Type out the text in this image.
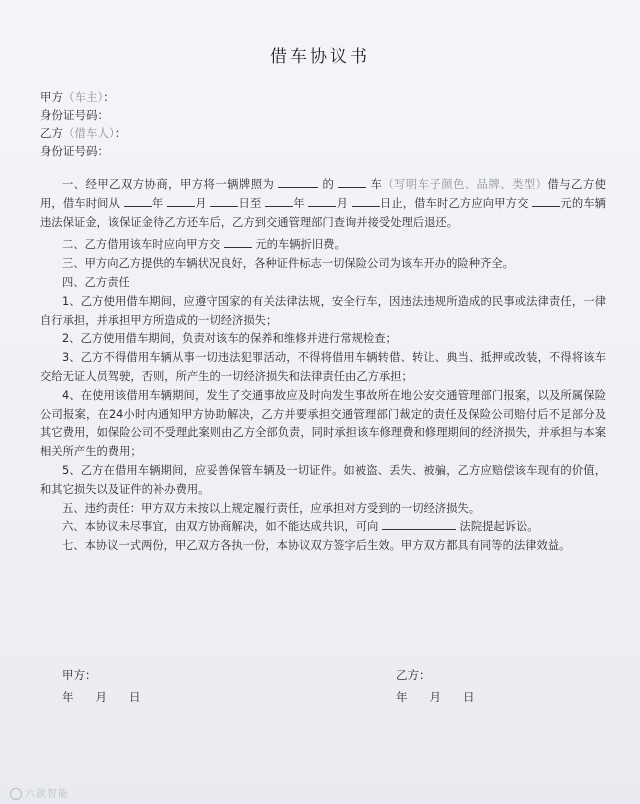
借车协议书
甲方（车主）：
身份证号码：
乙方（借车人）：
身份证号码：
一、经甲乙双方协商，甲方将一辆牌照为	的	车（写明车子颜色、品牌、类型）借与乙方使用，借车时间从	年	月	日至	年	月	日止，借车时乙方应向甲方交	元的车辆违法保证金，该保证金待乙方还车后，乙方到交通管理部门查询并接受处理后退还。
二、乙方借用该车时应向甲方交	元的车辆折旧费。
三、甲方向乙方提供的车辆状况良好，各种证件标志一切保险公司为该车开办的险种齐全。
四、乙方责任
1、乙方使用借车期间，应遵守国家的有关法律法规，安全行车，因违法违规所造成的民事或法律责任，一律自行承担，并承担甲方所造成的一切经济损失；
2、乙方使用借车期间，负责对该车的保养和维修并进行常规检查；
3、乙方不得借用车辆从事一切违法犯罪活动，不得将借用车辆转借、转让、典当、抵押或改装，不得将该车交给无证人员驾驶，否则，所产生的一切经济损失和法律责任由乙方承担；
4、在使用该借用车辆期间，发生了交通事故应及时向发生事故所在地公安交通管理部门报案，以及所属保险公司报案，在24小时内通知甲方协助解决，乙方并要承担交通管理部门裁定的责任及保险公司赔付后不足部分及其它费用，如保险公司不受理此案则由乙方全部负责，同时承担该车修理费和修理期间的经济损失，并承担与本案相关所产生的费用；
5、乙方在借用车辆期间，应妥善保管车辆及一切证件。如被盗、丢失、被骗，乙方应赔偿该车现有的价值，和其它损失以及证件的补办费用。
五、违约责任：甲方双方未按以上规定履行责任，应承担对方受到的一切经济损失。
六、本协议未尽事宜，由双方协商解决，如不能达成共识，可向	法院提起诉讼。
七、本协议一式两份，甲乙双方各执一份，本协议双方签字后生效。甲方双方都具有同等的法律效益。
甲方：
年 月 日
乙方：
年 月 日
六款智能
